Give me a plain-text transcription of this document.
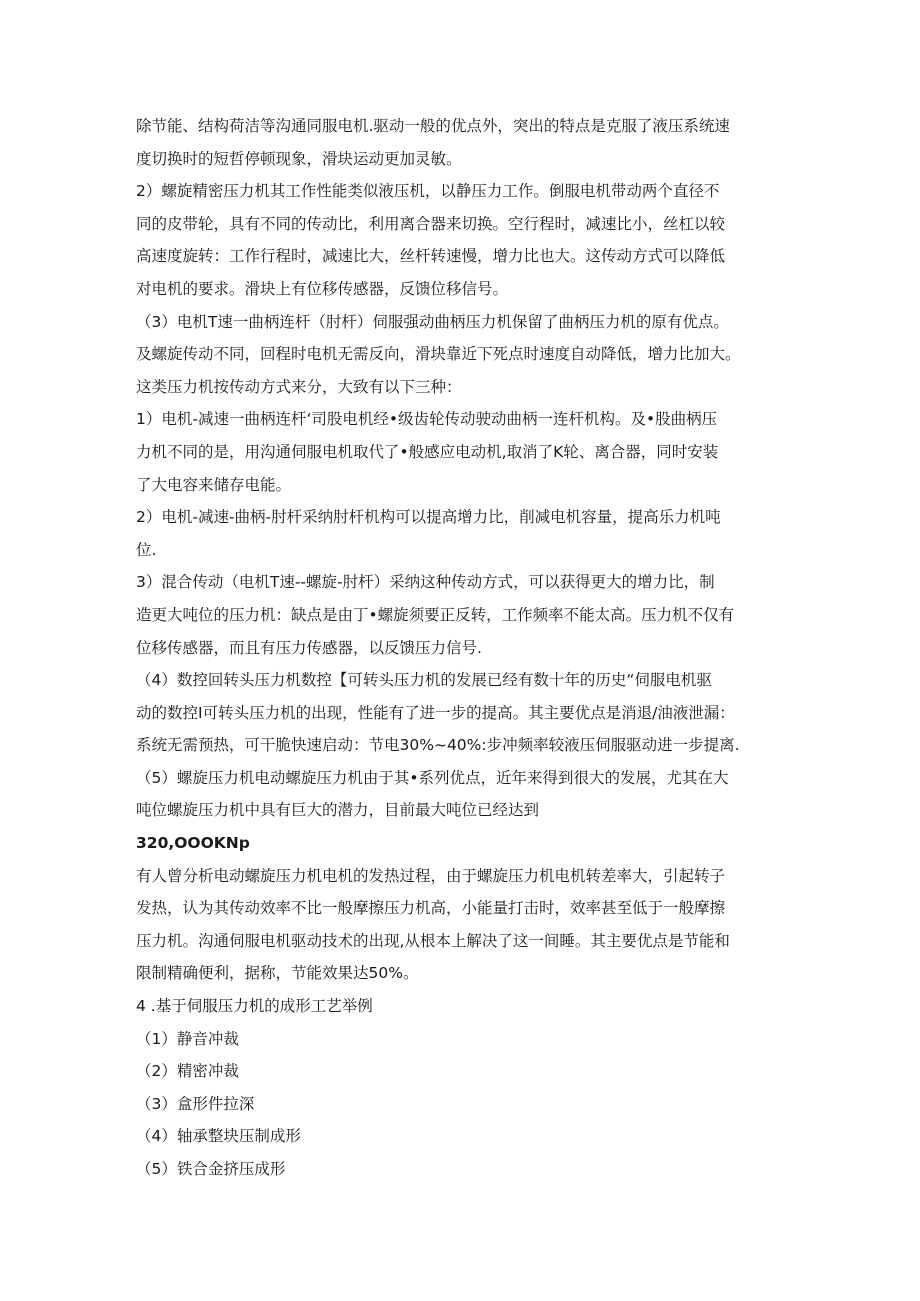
除节能、结构荷洁等沟通同服电机.驱动一般的优点外，突出的特点是克服了液压系统速
度切换时的短哲停顿现象，滑块运动更加灵敏。
2）螺旋精密压力机其工作性能类似液压机，以静压力工作。倒服电机带动两个直径不
同的皮带轮，具有不同的传动比，利用离合器来切换。空行程时，减速比小，丝杠以较
高速度旋转：工作行程时，减速比大，丝杆转速慢，增力比也大。这传动方式可以降低
对电机的要求。滑块上有位移传感器，反馈位移信号。
（3）电机T速一曲柄连杆（肘杆）伺服强动曲柄压力机保留了曲柄压力机的原有优点。
及螺旋传动不同，回程时电机无需反向，滑块靠近下死点时速度自动降低，增力比加大。
这类压力机按传动方式来分，大致有以下三种：
1）电机-减速一曲柄连杆‘司股电机经•级齿轮传动驶动曲柄一连杆机构。及•股曲柄压
力机不同的是，用沟通伺服电机取代了•般感应电动机,取消了K轮、离合器，同时安装
了大电容来储存电能。
2）电机-减速-曲柄-肘杆采纳肘杆机构可以提高增力比，削减电机容量，提高乐力机吨
位.
3）混合传动（电机T速--螺旋-肘杆）采纳这种传动方式，可以获得更大的增力比，制
造更大吨位的压力机：缺点是由丁•螺旋须要正反转，工作频率不能太高。压力机不仅有
位移传感器，而且有压力传感器，以反馈压力信号.
（4）数控回转头压力机数控【可转头压力机的发展已经有数十年的历史“伺服电机驱
动的数控I可转头压力机的出现，性能有了进一步的提高。其主要优点是消退/油液泄漏：
系统无需预热，可干脆快速启动：节电30%~40%:步冲频率较液压伺服驱动进一步提离.
（5）螺旋压力机电动螺旋压力机由于其•系列优点，近年来得到很大的发展，尤其在大
吨位螺旋压力机中具有巨大的潜力，目前最大吨位已经达到
320,OOOKNp
有人曾分析电动螺旋压力机电机的发热过程，由于螺旋压力机电机转差率大，引起转子
发热，认为其传动效率不比一般摩擦压力机高，小能量打击时，效率甚至低于一般摩擦
压力机。沟通伺服电机驱动技术的出现,从根本上解决了这一间睡。其主要优点是节能和
限制精确便利，据称，节能效果达50%。
4 .基于伺服压力机的成形工艺举例
（1）静音冲裁
（2）精密冲裁
（3）盒形件拉深
（4）轴承整块压制成形
（5）铁合金挤压成形
